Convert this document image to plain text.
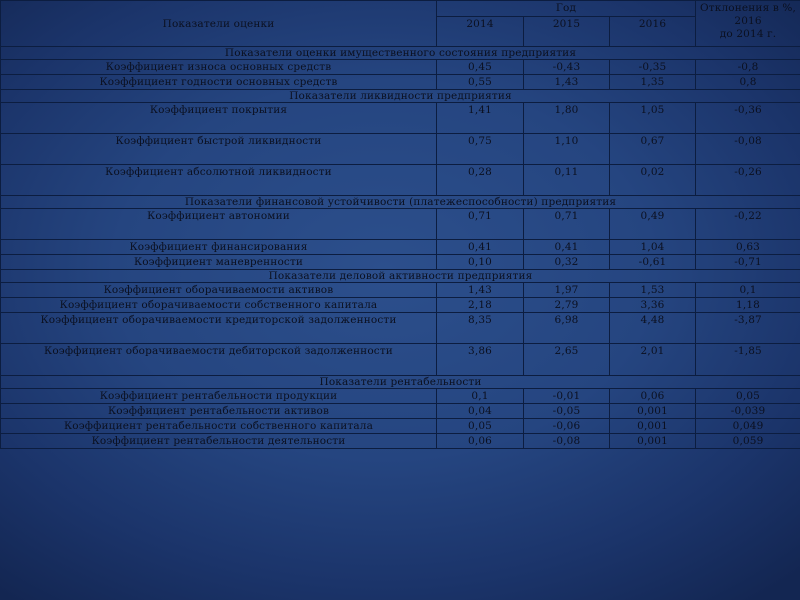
Показатели оценки	Год			Отклонения в %, 2016
до 2014 г.
	2014	2015	2016	
Показатели оценки имущественного состояния предприятия				
Коэффициент износа основных средств	0,45	-0,43	-0,35	-0,8
Коэффициент годности основных средств	0,55	1,43	1,35	0,8
Показатели ликвидности предприятия				
Коэффициент покрытия	1,41	1,80	1,05	-0,36
Коэффициент быстрой ликвидности	0,75	1,10	0,67	-0,08
Коэффициент абсолютной ликвидности	0,28	0,11	0,02	-0,26
Показатели финансовой устойчивости (платежеспособности) предприятия				
Коэффициент автономии	0,71	0,71	0,49	-0,22
Коэффициент финансирования	0,41	0,41	1,04	0,63
Коэффициент маневренности	0,10	0,32	-0,61	-0,71
Показатели деловой активности предприятия				
Коэффициент оборачиваемости активов	1,43	1,97	1,53	0,1
Коэффициент оборачиваемости собственного капитала	2,18	2,79	3,36	1,18
Коэффициент оборачиваемости кредиторской задолженности	8,35	6,98	4,48	-3,87
Коэффициент оборачиваемости дебиторской задолженности	3,86	2,65	2,01	-1,85
Показатели рентабельности				
Коэффициент рентабельности продукции	0,1	-0,01	0,06	0,05
Коэффициент рентабельности активов	0,04	-0,05	0,001	-0,039
Коэффициент рентабельности собственного капитала	0,05	-0,06	0,001	0,049
Коэффициент рентабельности деятельности	0,06	-0,08	0,001	0,059
